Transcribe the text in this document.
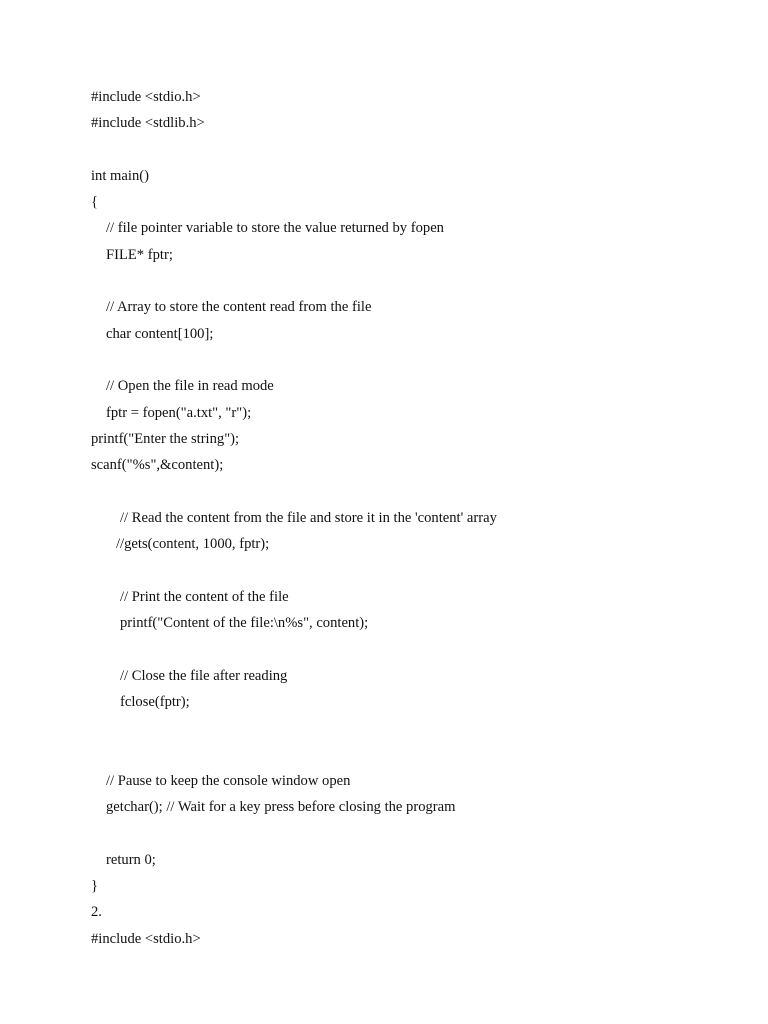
#include <stdio.h>
#include <stdlib.h>
int main()
{
// file pointer variable to store the value returned by fopen
FILE* fptr;
// Array to store the content read from the file
char content[100];
// Open the file in read mode
fptr = fopen("a.txt", "r");
printf("Enter the string");
scanf("%s",&content);
// Read the content from the file and store it in the 'content' array
//gets(content, 1000, fptr);
// Print the content of the file
printf("Content of the file:\n%s", content);
// Close the file after reading
fclose(fptr);
// Pause to keep the console window open
getchar(); // Wait for a key press before closing the program
return 0;
}
2.
#include <stdio.h>
